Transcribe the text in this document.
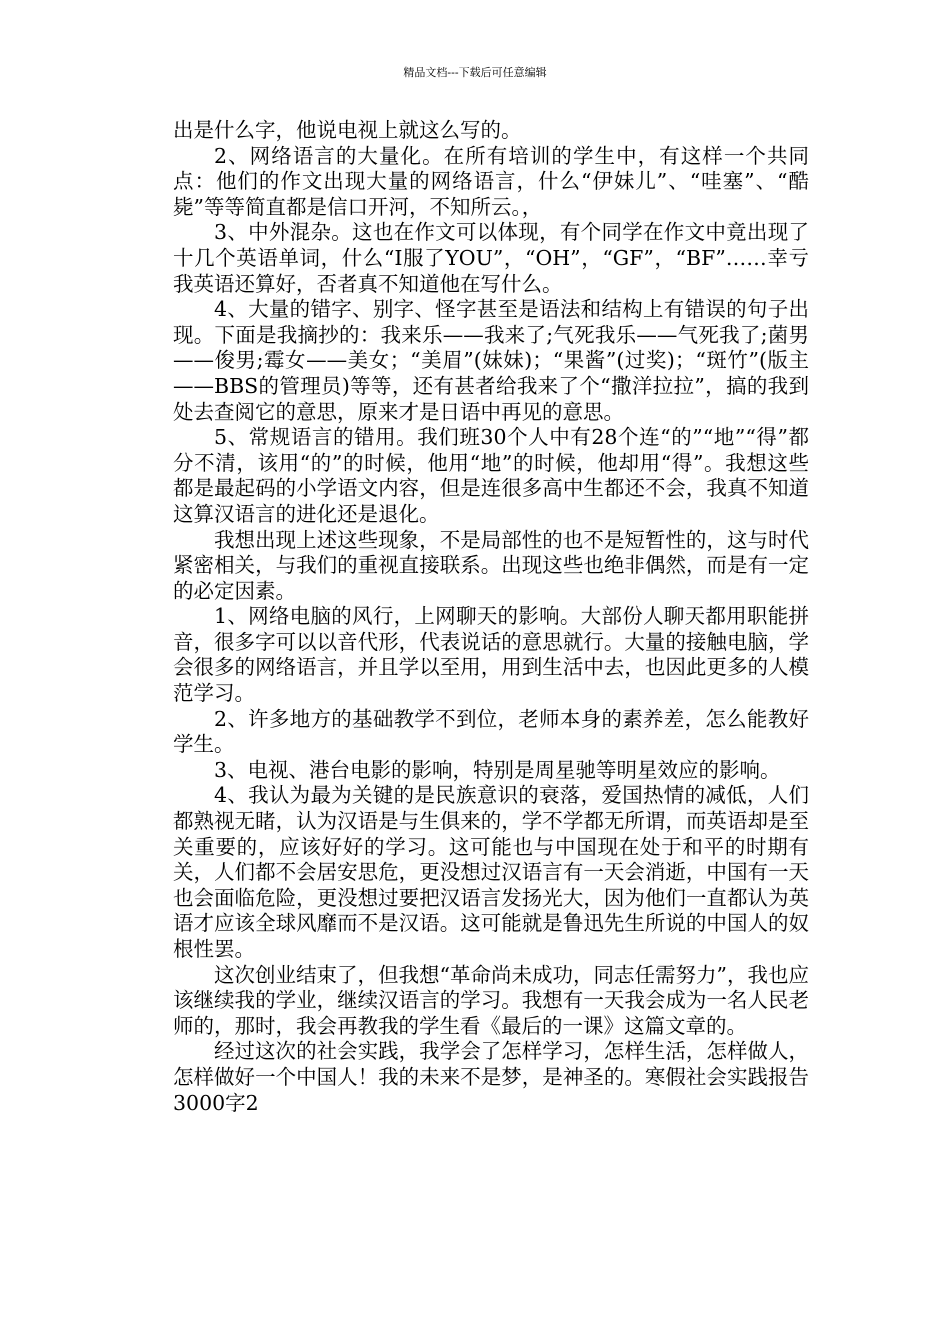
精品文档---下载后可任意编辑

出是什么字，他说电视上就这么写的。

2、网络语言的大量化。在所有培训的学生中，有这样一个共同点：他们的作文出现大量的网络语言，什么“伊妹儿”、“哇塞”、“酷毙”等等简直都是信口开河，不知所云。，

3、中外混杂。这也在作文可以体现，有个同学在作文中竟出现了十几个英语单词，什么“I服了YOU”，“OH”，“GF”，“BF”……幸亏我英语还算好，否者真不知道他在写什么。

4、大量的错字、别字、怪字甚至是语法和结构上有错误的句子出现。下面是我摘抄的：我来乐——我来了;气死我乐——气死我了;菌男——俊男;霉女——美女；“美眉”(妹妹)；“果酱”(过奖)；“斑竹”(版主——BBS的管理员)等等，还有甚者给我来了个“撒洋拉拉”，搞的我到处去查阅它的意思，原来才是日语中再见的意思。

5、常规语言的错用。我们班30个人中有28个连“的”“地”“得”都分不清，该用“的”的时候，他用“地”的时候，他却用“得”。我想这些都是最起码的小学语文内容，但是连很多高中生都还不会，我真不知道这算汉语言的进化还是退化。

我想出现上述这些现象，不是局部性的也不是短暂性的，这与时代紧密相关，与我们的重视直接联系。出现这些也绝非偶然，而是有一定的必定因素。

1、网络电脑的风行，上网聊天的影响。大部份人聊天都用职能拼音，很多字可以以音代形，代表说话的意思就行。大量的接触电脑，学会很多的网络语言，并且学以至用，用到生活中去，也因此更多的人模范学习。

2、许多地方的基础教学不到位，老师本身的素养差，怎么能教好学生。

3、电视、港台电影的影响，特别是周星驰等明星效应的影响。

4、我认为最为关键的是民族意识的衰落，爱国热情的减低，人们都熟视无睹，认为汉语是与生俱来的，学不学都无所谓，而英语却是至关重要的，应该好好的学习。这可能也与中国现在处于和平的时期有关，人们都不会居安思危，更没想过汉语言有一天会消逝，中国有一天也会面临危险，更没想过要把汉语言发扬光大，因为他们一直都认为英语才应该全球风靡而不是汉语。这可能就是鲁迅先生所说的中国人的奴根性罢。

这次创业结束了，但我想“革命尚未成功，同志任需努力”，我也应该继续我的学业，继续汉语言的学习。我想有一天我会成为一名人民老师的，那时，我会再教我的学生看《最后的一课》这篇文章的。

经过这次的社会实践，我学会了怎样学习，怎样生活，怎样做人，怎样做好一个中国人！我的未来不是梦，是神圣的。寒假社会实践报告3000字2
